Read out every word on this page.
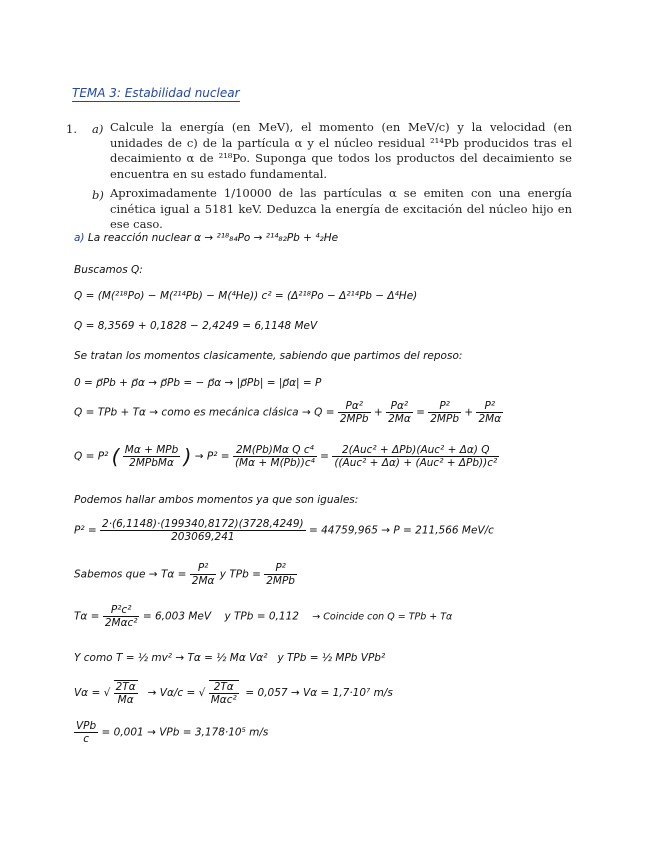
TEMA 3: Estabilidad nuclear
1. a) Calcule la energía (en MeV), el momento (en MeV/c) y la velocidad (en unidades de c) de la partícula α y el núcleo residual ²¹⁴Pb producidos tras el decaimiento α de ²¹⁸Po. Suponga que todos los productos del decaimiento se encuentra en su estado fundamental.
b) Aproximadamente 1/10000 de las partículas α se emiten con una energía cinética igual a 5181 keV. Deduzca la energía de excitación del núcleo hijo en ese caso.
a) La reacción nuclear α → ²¹⁸₈₄Po → ²¹⁴₈₂Pb + ⁴₂He
Buscamos Q:
Q = (M(²¹⁸Po) − M(²¹⁴Pb) − M(⁴He)) c² = (Δ²¹⁸Po − Δ²¹⁴Pb − Δ⁴He)
Q = 8,3569 + 0,1828 − 2,4249 = 6,1148 MeV
Se tratan los momentos clasicamente, sabiendo que partimos del reposo:
0 = p⃗Pb + p⃗α → p⃗Pb = − p⃗α → |p⃗Pb| = |p⃗α| = P
Q = TPb + Tα → como es mecánica clásica → $Q = \frac{\text{Pα²}}{\text{2MPb}} + \frac{\text{Pα²}}{2M\alpha} = \frac{\text{P²}}{\text{2MPb}} + \frac{\text{P²}}{2M\alpha}$
Q = P² ( $\frac{\text{Mα + MPb}}{\text{2MPbMα}}$ ) → $P^2 = \frac{\text{2M(Pb)Mα Q c⁴}}{\text{(Mα + M(Pb))c⁴}} = \frac{\text{2(Auc² + ΔPb)(Auc² + Δα) Q}}{\text{((Auc² + Δα) + (Auc² + ΔPb))c²}}$
Podemos hallar ambos momentos ya que son iguales:
$P^2 = \frac{2\cdot(6,1148)\cdot(199340,8172)(3728,4249)}{203069,241} = 44759,965 \to P = 211,566$ MeV/c
Sabemos que → $T\alpha = \frac{\text{P²}}{2M\alpha}$ y TPb = $\frac{\text{P²}}{\text{2MPb}}$
$T\alpha = \frac{\text{P²c²}}{\text{2Mαc²}} = 6,003$ MeV y TPb = 0,112 → Coincide con Q = TPb + Tα
Y como T = ½ mv² → Tα = ½ Mα Vα² y TPb = ½ MPb VPb²
Vα = √ $\frac{2T\alpha}{M\alpha} \to V\alpha/c$ = √ $\frac{2T\alpha}{\text{Mαc²}} = 0,057 \to V\alpha = 1,7\cdot 10^7$ m/s
$\frac{\text{VPb}}{c} = 0,001$ → VPb = 3,178·10⁵ m/s
